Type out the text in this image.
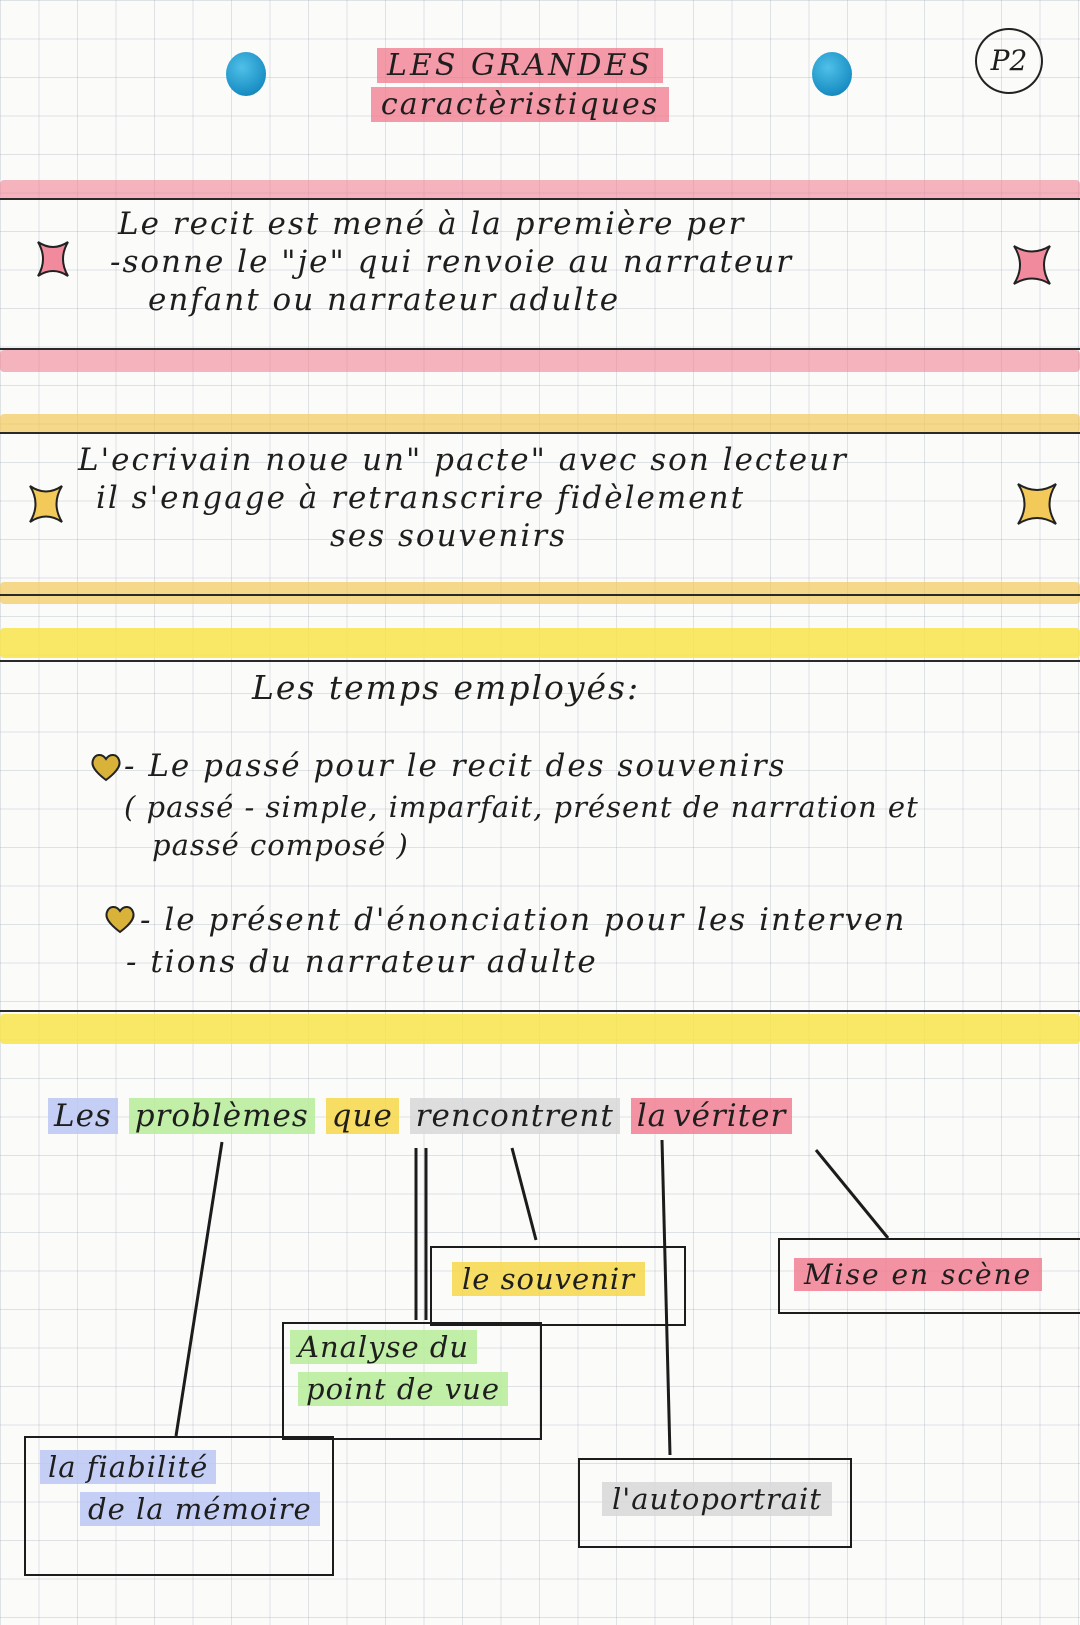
P2
LES GRANDES caractèristiques
Le recit est mené à la première per
-sonne le "je" qui renvoie au narrateur
enfant ou narrateur adulte
L'ecrivain noue un" pacte" avec son lecteur
il s'engage à retranscrire fidèlement
ses souvenirs
Les temps employés:
- Le passé pour le recit des souvenirs
( passé - simple, imparfait, présent de narration et
passé composé )
- le présent d'énonciation pour les interven
- tions du narrateur adulte
Les problèmes que rencontrent la vériter
le souvenir	Mise en scène
Analyse du
point de vue
la fiabilité
de la mémoire	l'autoportrait
